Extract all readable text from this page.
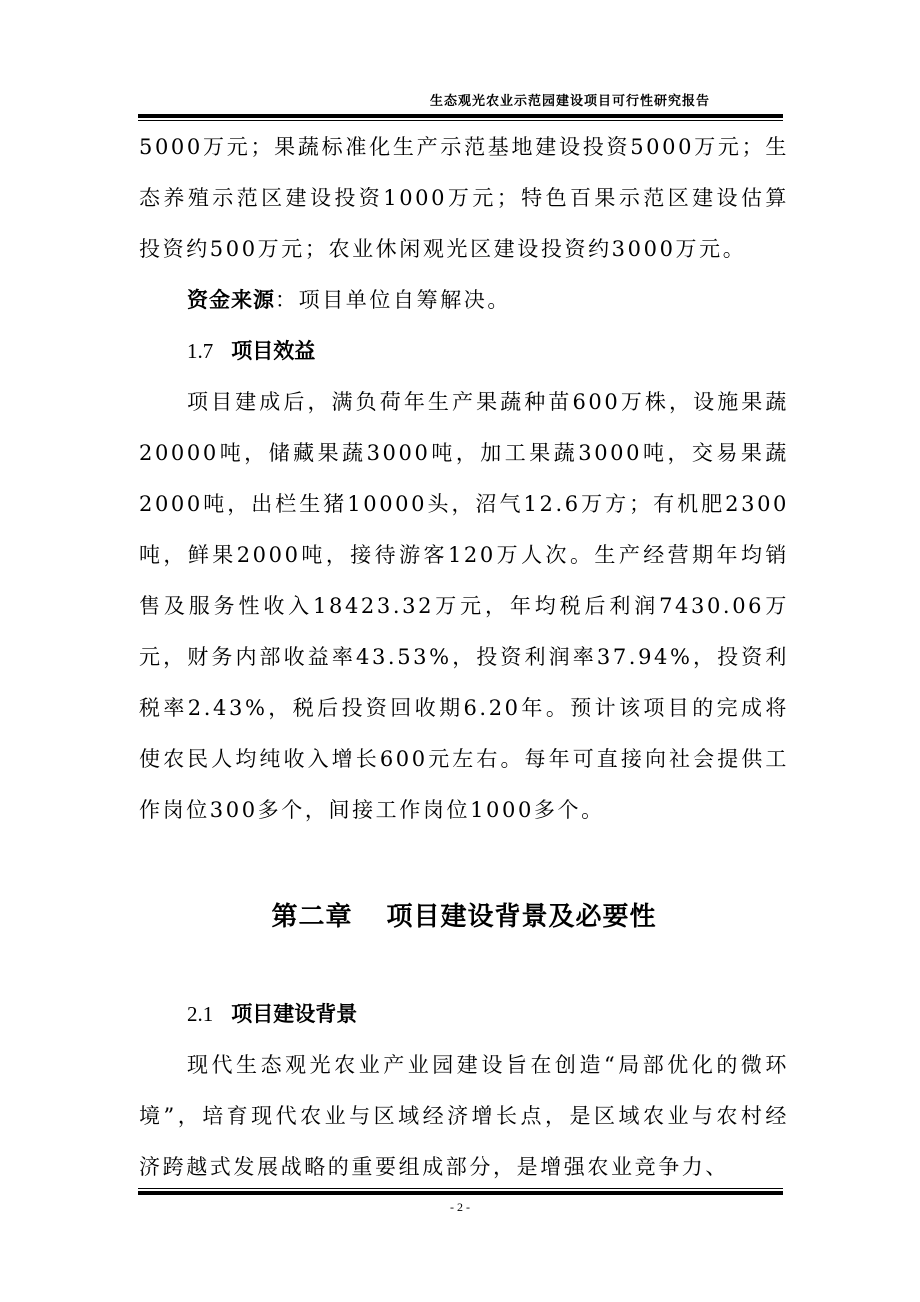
生态观光农业示范园建设项目可行性研究报告

5000万元；果蔬标准化生产示范基地建设投资5000万元；生态养殖示范区建设投资1000万元；特色百果示范区建设估算投资约500万元；农业休闲观光区建设投资约3000万元。

资金来源：项目单位自筹解决。

1.7 项目效益

项目建成后，满负荷年生产果蔬种苗600万株，设施果蔬20000吨，储藏果蔬3000吨，加工果蔬3000吨，交易果蔬2000吨，出栏生猪10000头，沼气12.6万方；有机肥2300吨，鲜果2000吨，接待游客120万人次。生产经营期年均销售及服务性收入18423.32万元，年均税后利润7430.06万元，财务内部收益率43.53%，投资利润率37.94%，投资利税率2.43%，税后投资回收期6.20年。预计该项目的完成将使农民人均纯收入增长600元左右。每年可直接向社会提供工作岗位300多个，间接工作岗位1000多个。

第二章 项目建设背景及必要性

2.1 项目建设背景

现代生态观光农业产业园建设旨在创造“局部优化的微环境”，培育现代农业与区域经济增长点，是区域农业与农村经济跨越式发展战略的重要组成部分，是增强农业竞争力、

- 2 -
